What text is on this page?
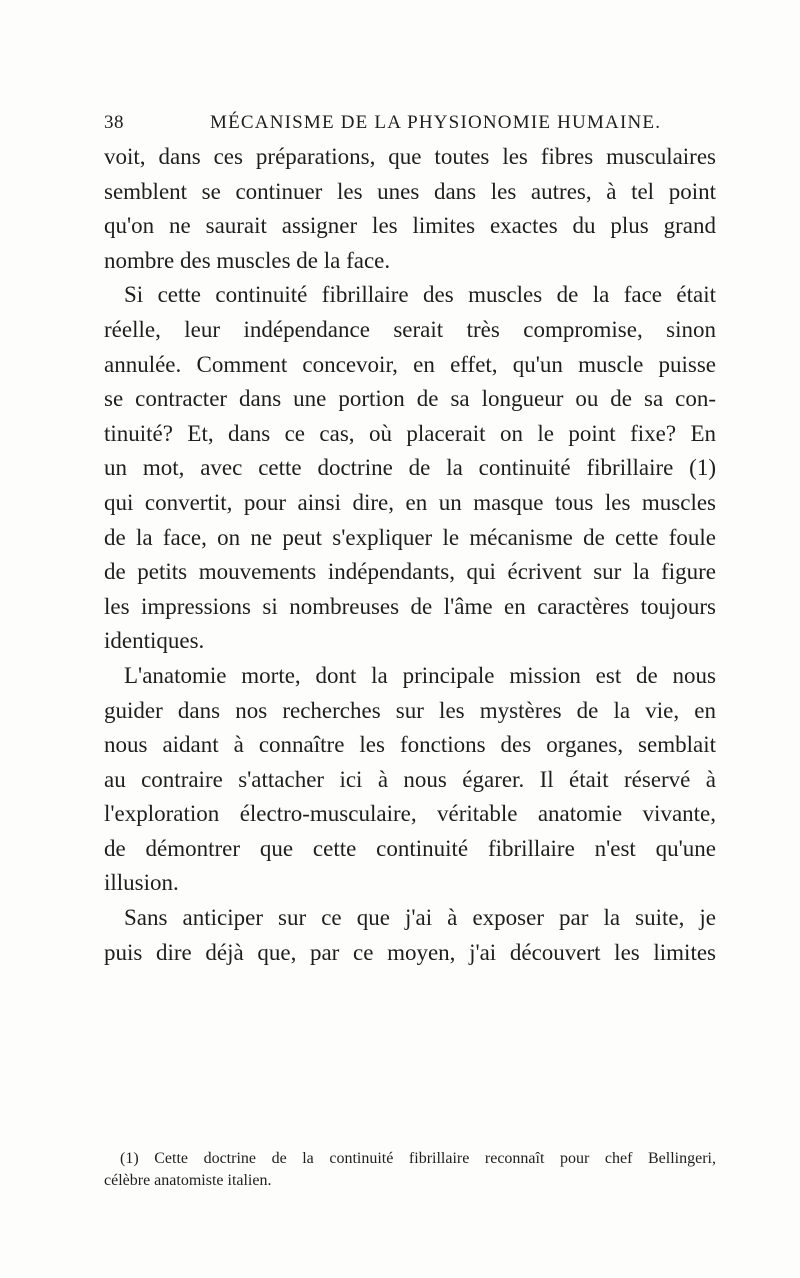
38	MÉCANISME DE LA PHYSIONOMIE HUMAINE.
voit, dans ces préparations, que toutes les fibres musculaires
semblent se continuer les unes dans les autres, à tel point
qu'on ne saurait assigner les limites exactes du plus grand
nombre des muscles de la face.
Si cette continuité fibrillaire des muscles de la face était
réelle, leur indépendance serait très compromise, sinon
annulée. Comment concevoir, en effet, qu'un muscle puisse
se contracter dans une portion de sa longueur ou de sa con-
tinuité? Et, dans ce cas, où placerait on le point fixe? En
un mot, avec cette doctrine de la continuité fibrillaire (1)
qui convertit, pour ainsi dire, en un masque tous les muscles
de la face, on ne peut s'expliquer le mécanisme de cette foule
de petits mouvements indépendants, qui écrivent sur la figure
les impressions si nombreuses de l'âme en caractères toujours
identiques.
L'anatomie morte, dont la principale mission est de nous
guider dans nos recherches sur les mystères de la vie, en
nous aidant à connaître les fonctions des organes, semblait
au contraire s'attacher ici à nous égarer. Il était réservé à
l'exploration électro-musculaire, véritable anatomie vivante,
de démontrer que cette continuité fibrillaire n'est qu'une
illusion.
Sans anticiper sur ce que j'ai à exposer par la suite, je
puis dire déjà que, par ce moyen, j'ai découvert les limites
(1) Cette doctrine de la continuité fibrillaire reconnaît pour chef Bellingeri,
célèbre anatomiste italien.
